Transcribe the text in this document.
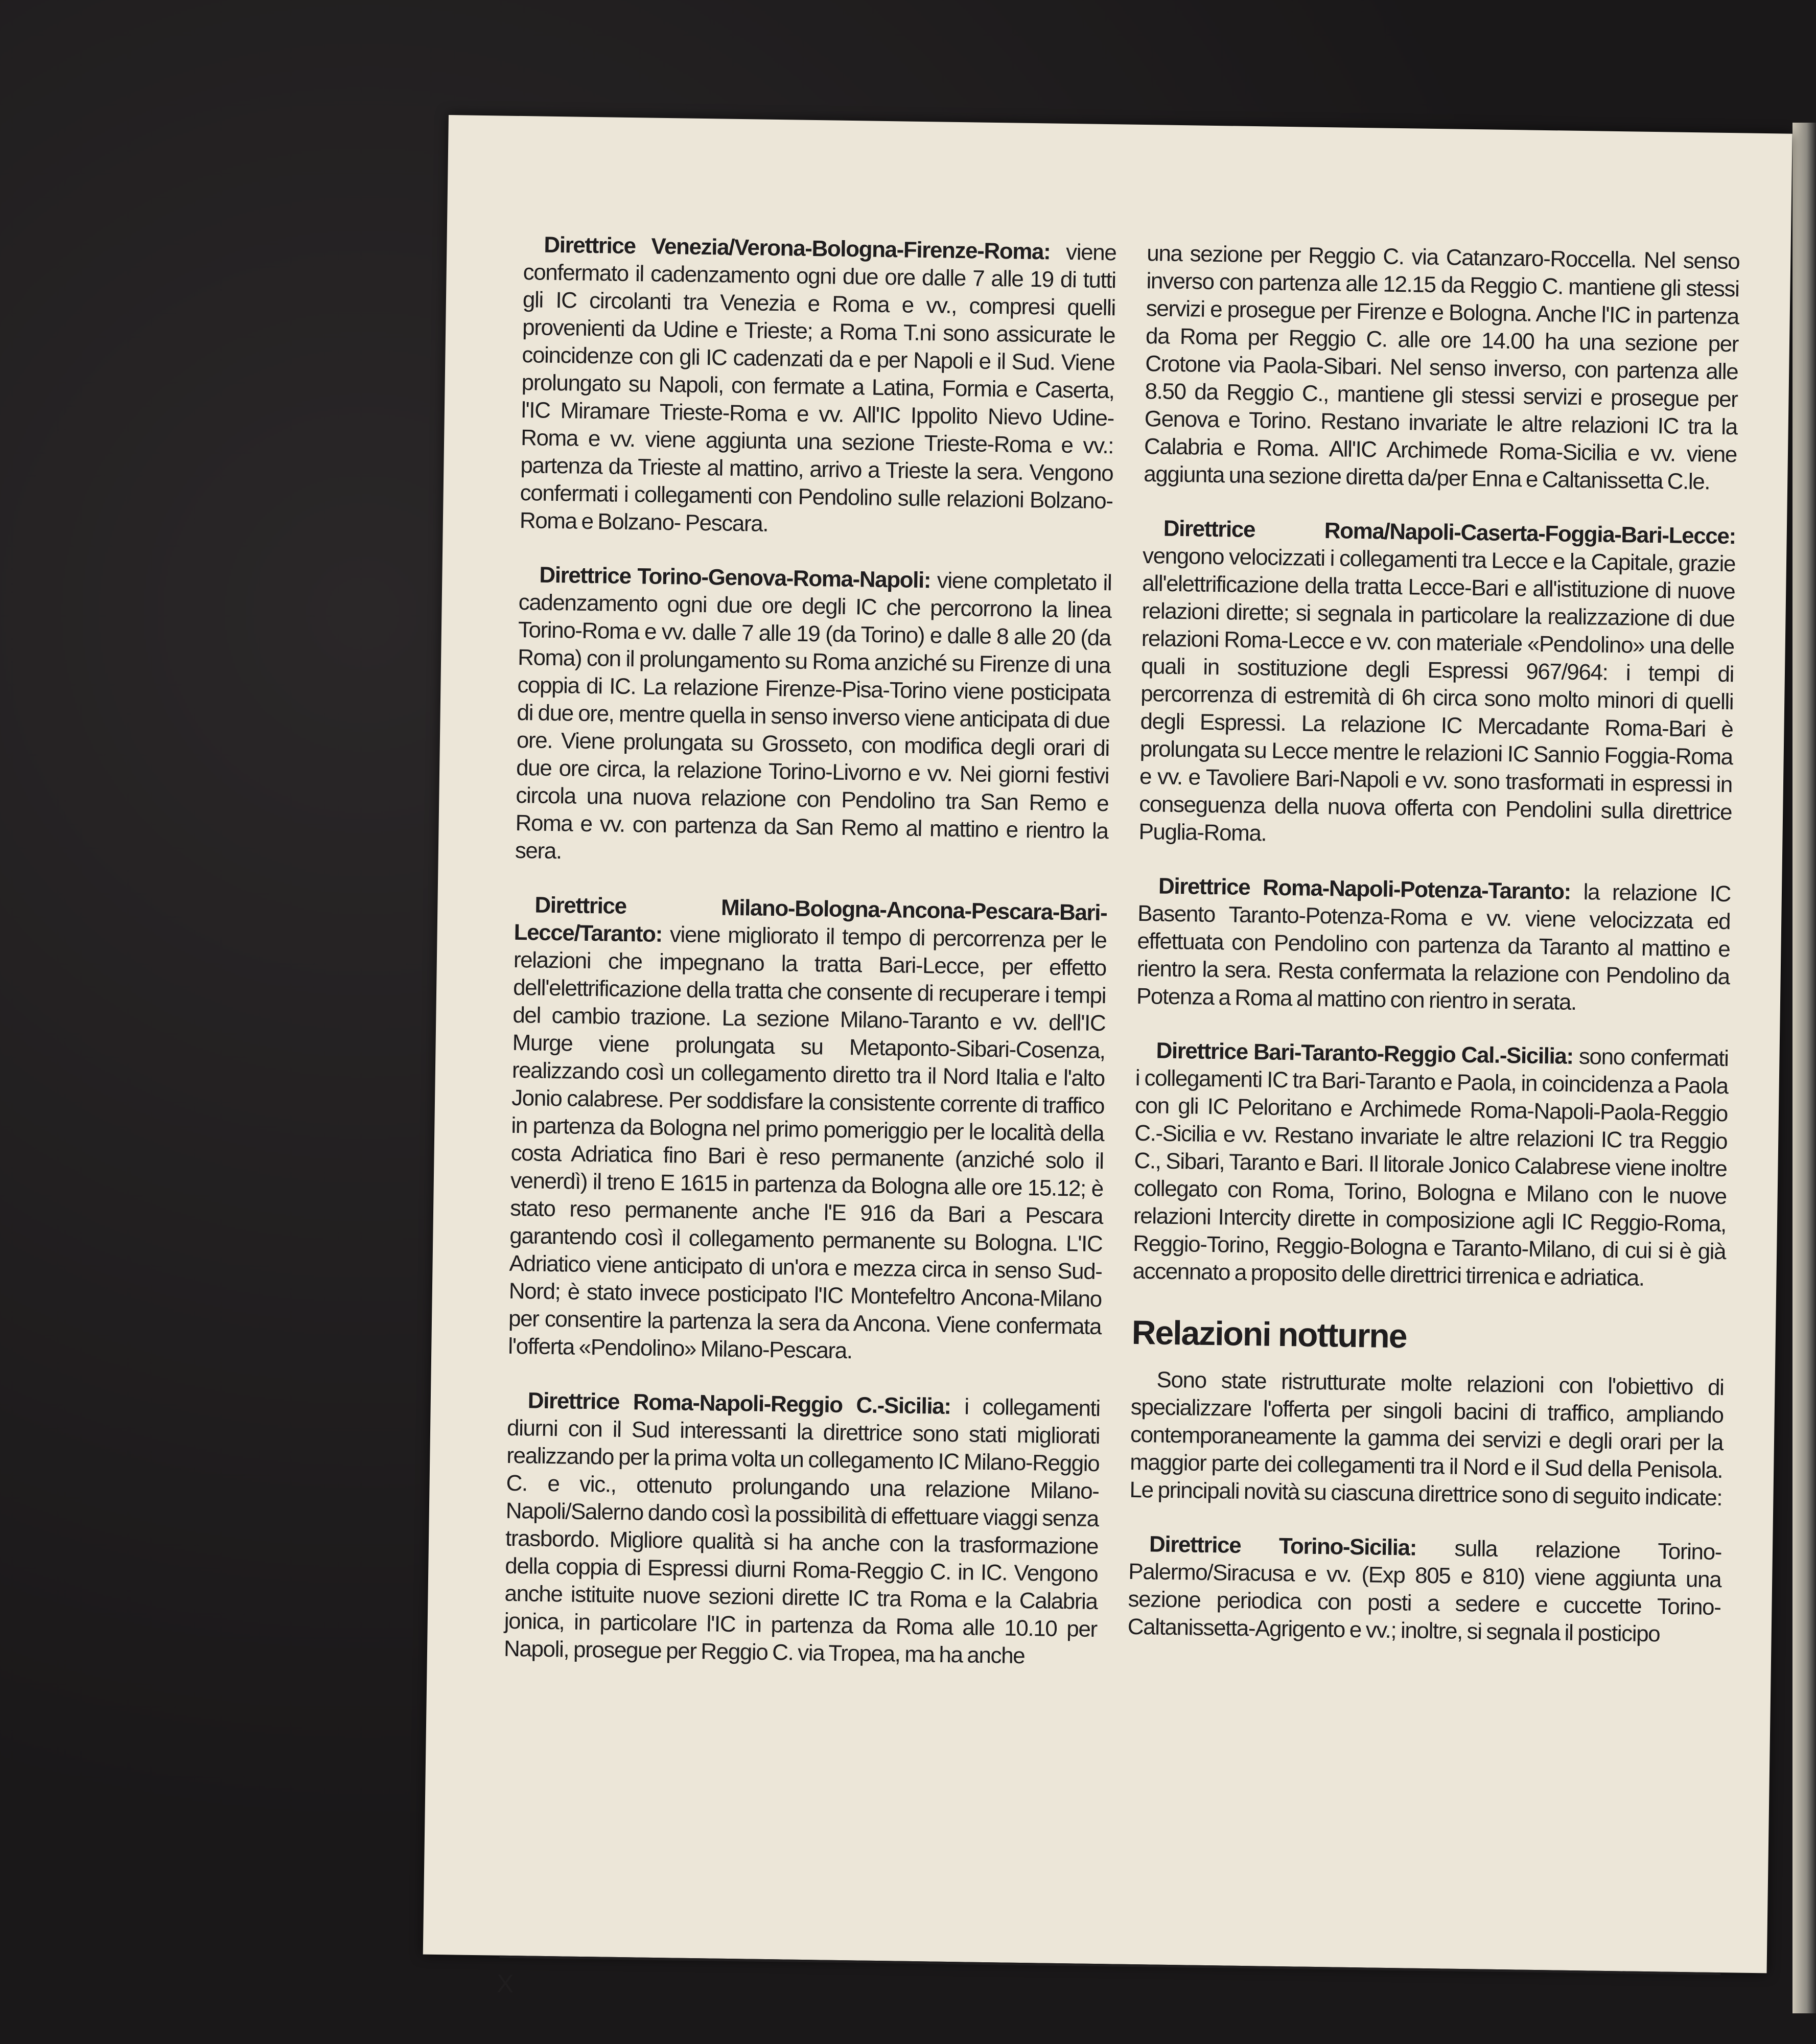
Direttrice Venezia/Verona-Bologna-Firenze-Roma: viene confermato il cadenzamento ogni due ore dalle 7 alle 19 di tutti gli IC circolanti tra Venezia e Roma e vv., compresi quelli provenienti da Udine e Trieste; a Roma T.ni sono assicurate le coincidenze con gli IC cadenzati da e per Napoli e il Sud. Viene prolungato su Napoli, con fermate a Latina, Formia e Caserta, l'IC Miramare Trieste-Roma e vv. All'IC Ippolito Nievo Udine-Roma e vv. viene aggiunta una sezione Trieste-Roma e vv.: partenza da Trieste al mattino, arrivo a Trieste la sera. Vengono confermati i collegamenti con Pendolino sulle relazioni Bolzano-Roma e Bolzano- Pescara.

Direttrice Torino-Genova-Roma-Napoli: viene completato il cadenzamento ogni due ore degli IC che percorrono la linea Torino-Roma e vv. dalle 7 alle 19 (da Torino) e dalle 8 alle 20 (da Roma) con il prolungamento su Roma anziché su Firenze di una coppia di IC. La relazione Firenze-Pisa-Torino viene posticipata di due ore, mentre quella in senso inverso viene anticipata di due ore. Viene prolungata su Grosseto, con modifica degli orari di due ore circa, la relazione Torino-Livorno e vv. Nei giorni festivi circola una nuova relazione con Pendolino tra San Remo e Roma e vv. con partenza da San Remo al mattino e rientro la sera.

Direttrice Milano-Bologna-Ancona-Pescara-Bari-Lecce/Taranto: viene migliorato il tempo di percorrenza per le relazioni che impegnano la tratta Bari-Lecce, per effetto dell'elettrificazione della tratta che consente di recuperare i tempi del cambio trazione. La sezione Milano-Taranto e vv. dell'IC Murge viene prolungata su Metaponto-Sibari-Cosenza, realizzando così un collegamento diretto tra il Nord Italia e l'alto Jonio calabrese. Per soddisfare la consistente corrente di traffico in partenza da Bologna nel primo pomeriggio per le località della costa Adriatica fino Bari è reso permanente (anziché solo il venerdì) il treno E 1615 in partenza da Bologna alle ore 15.12; è stato reso permanente anche l'E 916 da Bari a Pescara garantendo così il collegamento permanente su Bologna. L'IC Adriatico viene anticipato di un'ora e mezza circa in senso Sud-Nord; è stato invece posticipato l'IC Montefeltro Ancona-Milano per consentire la partenza la sera da Ancona. Viene confermata l'offerta «Pendolino» Milano-Pescara.

Direttrice Roma-Napoli-Reggio C.-Sicilia: i collegamenti diurni con il Sud interessanti la direttrice sono stati migliorati realizzando per la prima volta un collegamento IC Milano-Reggio C. e vic., ottenuto prolungando una relazione Milano-Napoli/Salerno dando così la possibilità di effettuare viaggi senza trasbordo. Migliore qualità si ha anche con la trasformazione della coppia di Espressi diurni Roma-Reggio C. in IC. Vengono anche istituite nuove sezioni dirette IC tra Roma e la Calabria jonica, in particolare l'IC in partenza da Roma alle 10.10 per Napoli, prosegue per Reggio C. via Tropea, ma ha anche

una sezione per Reggio C. via Catanzaro-Roccella. Nel senso inverso con partenza alle 12.15 da Reggio C. mantiene gli stessi servizi e prosegue per Firenze e Bologna. Anche l'IC in partenza da Roma per Reggio C. alle ore 14.00 ha una sezione per Crotone via Paola-Sibari. Nel senso inverso, con partenza alle 8.50 da Reggio C., mantiene gli stessi servizi e prosegue per Genova e Torino. Restano invariate le altre relazioni IC tra la Calabria e Roma. All'IC Archimede Roma-Sicilia e vv. viene aggiunta una sezione diretta da/per Enna e Caltanissetta C.le.

Direttrice Roma/Napoli-Caserta-Foggia-Bari-Lecce: vengono velocizzati i collegamenti tra Lecce e la Capitale, grazie all'elettrificazione della tratta Lecce-Bari e all'istituzione di nuove relazioni dirette; si segnala in particolare la realizzazione di due relazioni Roma-Lecce e vv. con materiale «Pendolino» una delle quali in sostituzione degli Espressi 967/964: i tempi di percorrenza di estremità di 6h circa sono molto minori di quelli degli Espressi. La relazione IC Mercadante Roma-Bari è prolungata su Lecce mentre le relazioni IC Sannio Foggia-Roma e vv. e Tavoliere Bari-Napoli e vv. sono trasformati in espressi in conseguenza della nuova offerta con Pendolini sulla direttrice Puglia-Roma.

Direttrice Roma-Napoli-Potenza-Taranto: la relazione IC Basento Taranto-Potenza-Roma e vv. viene velocizzata ed effettuata con Pendolino con partenza da Taranto al mattino e rientro la sera. Resta confermata la relazione con Pendolino da Potenza a Roma al mattino con rientro in serata.

Direttrice Bari-Taranto-Reggio Cal.-Sicilia: sono confermati i collegamenti IC tra Bari-Taranto e Paola, in coincidenza a Paola con gli IC Peloritano e Archimede Roma-Napoli-Paola-Reggio C.-Sicilia e vv. Restano invariate le altre relazioni IC tra Reggio C., Sibari, Taranto e Bari. Il litorale Jonico Calabrese viene inoltre collegato con Roma, Torino, Bologna e Milano con le nuove relazioni Intercity dirette in composizione agli IC Reggio-Roma, Reggio-Torino, Reggio-Bologna e Taranto-Milano, di cui si è già accennato a proposito delle direttrici tirrenica e adriatica.

Relazioni notturne

Sono state ristrutturate molte relazioni con l'obiettivo di specializzare l'offerta per singoli bacini di traffico, ampliando contemporaneamente la gamma dei servizi e degli orari per la maggior parte dei collegamenti tra il Nord e il Sud della Penisola. Le principali novità su ciascuna direttrice sono di seguito indicate:

Direttrice Torino-Sicilia: sulla relazione Torino-Palermo/Siracusa e vv. (Exp 805 e 810) viene aggiunta una sezione periodica con posti a sedere e cuccette Torino-Caltanissetta-Agrigento e vv.; inoltre, si segnala il posticipo

X
